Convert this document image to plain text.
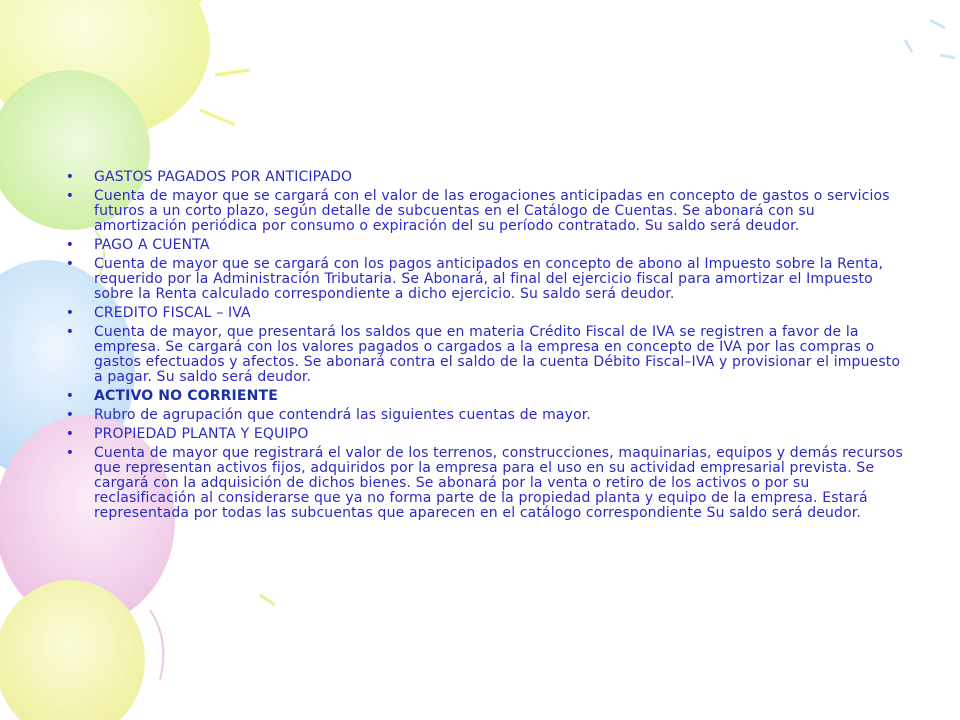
•	GASTOS PAGADOS POR ANTICIPADO
•	Cuenta de mayor que se cargará con el valor de las erogaciones anticipadas en concepto de gastos o servicios futuros a un corto plazo, según detalle de subcuentas en el Catálogo de Cuentas. Se abonará con su amortización periódica por consumo o expiración del su período contratado. Su saldo será deudor.
•	PAGO A CUENTA
•	Cuenta de mayor que se cargará con los pagos anticipados en concepto de abono al Impuesto sobre la Renta, requerido por la Administración Tributaria. Se Abonará, al final del ejercicio fiscal para amortizar el Impuesto sobre la Renta calculado correspondiente a dicho ejercicio. Su saldo será deudor.
•	CREDITO FISCAL – IVA
•	Cuenta de mayor, que presentará los saldos que en materia Crédito Fiscal de IVA se registren a favor de la empresa. Se cargará con los valores pagados o cargados a la empresa en concepto de IVA por las compras o gastos efectuados y afectos. Se abonará contra el saldo de la cuenta Débito Fiscal–IVA y provisionar el impuesto a pagar. Su saldo será deudor.
•	ACTIVO NO CORRIENTE
•	Rubro de agrupación que contendrá las siguientes cuentas de mayor.
•	PROPIEDAD PLANTA Y EQUIPO
•	Cuenta de mayor que registrará el valor de los terrenos, construcciones, maquinarias, equipos y demás recursos que representan activos fijos, adquiridos por la empresa para el uso en su actividad empresarial prevista. Se cargará con la adquisición de dichos bienes. Se abonará por la venta o retiro de los activos o por su reclasificación al considerarse que ya no forma parte de la propiedad planta y equipo de la empresa. Estará representada por todas las subcuentas que aparecen en el catálogo correspondiente Su saldo será deudor.
